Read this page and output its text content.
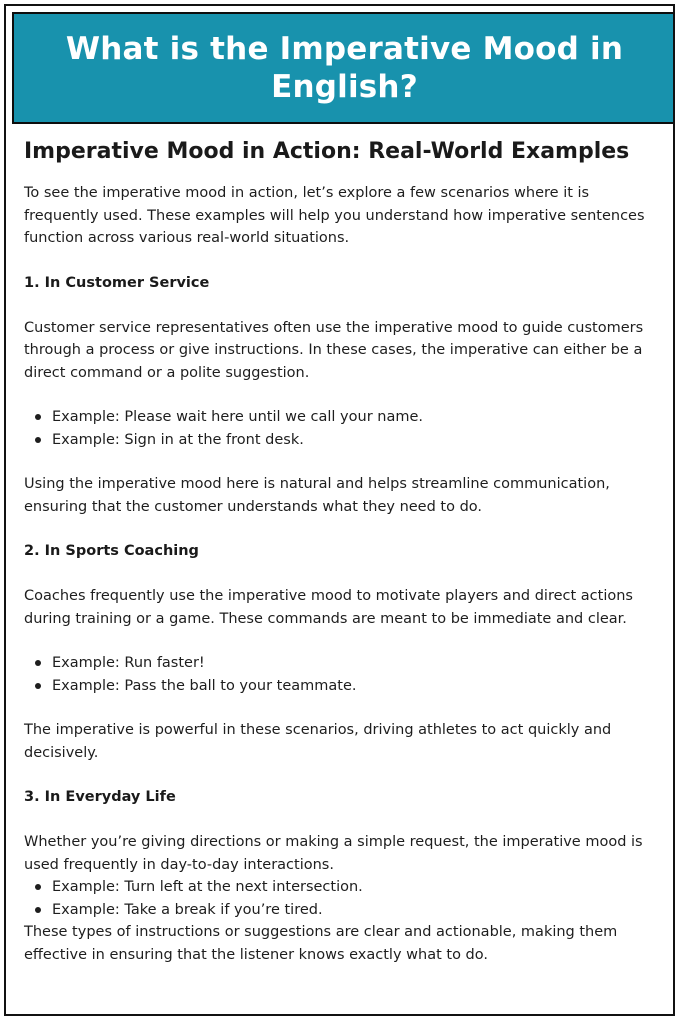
What is the Imperative Mood in English?
Imperative Mood in Action: Real-World Examples

To see the imperative mood in action, let’s explore a few scenarios where it is frequently used. These examples will help you understand how imperative sentences function across various real-world situations.

1. In Customer Service

Customer service representatives often use the imperative mood to guide customers through a process or give instructions. In these cases, the imperative can either be a direct command or a polite suggestion.

Example: Please wait here until we call your name.
Example: Sign in at the front desk.

Using the imperative mood here is natural and helps streamline communication, ensuring that the customer understands what they need to do.

2. In Sports Coaching

Coaches frequently use the imperative mood to motivate players and direct actions during training or a game. These commands are meant to be immediate and clear.

Example: Run faster!
Example: Pass the ball to your teammate.

The imperative is powerful in these scenarios, driving athletes to act quickly and decisively.

3. In Everyday Life

Whether you’re giving directions or making a simple request, the imperative mood is used frequently in day-to-day interactions.

Example: Turn left at the next intersection.
Example: Take a break if you’re tired.

These types of instructions or suggestions are clear and actionable, making them effective in ensuring that the listener knows exactly what to do.
